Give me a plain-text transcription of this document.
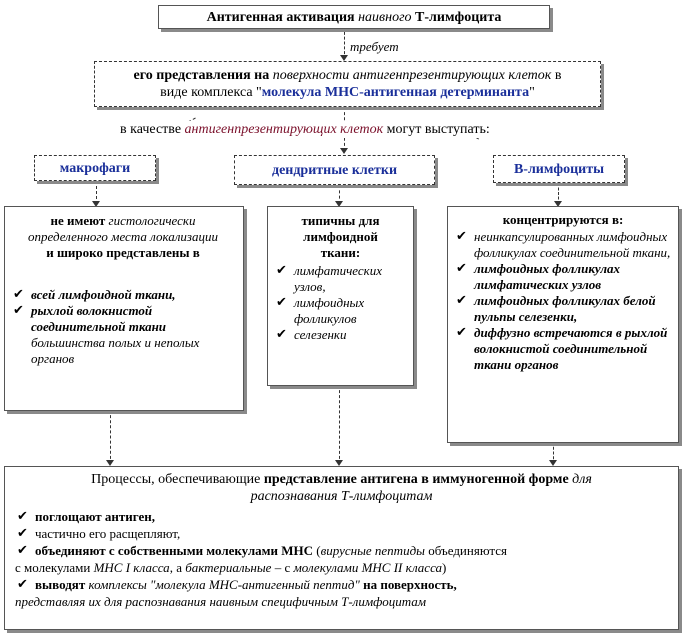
Антигенная активация наивного Т-лимфоцита
требует
его представления на поверхности антигенпрезентирующих клеток в
виде комплекса "молекула МНС-антигенная детерминанта"
в качестве антигенпрезентирующих клеток могут выступать:
макрофаги	дендритные клетки	В-лимфоциты
не имеют гистологически определенного места локализации и широко представлены в
✔ всей лимфоидной ткани,
✔ рыхлой волокнистой соединительной ткани большинства полых и неполых органов
типичны для лимфоидной ткани:
✔ лимфатических узлов,
✔ лимфоидных фолликулов
✔ селезенки
концентрируются в:
✔ неинкапсулированных лимфоидных фолликулах соединительной ткани,
✔ лимфоидных фолликулах лимфатических узлов
✔ лимфоидных фолликулах белой пульпы селезенки,
✔ диффузно встречаются в рыхлой волокнистой соединительной ткани органов
Процессы, обеспечивающие представление антигена в иммуногенной форме для
распознавания Т-лимфоцитам
✔ поглощают антиген,
✔ частично его расщепляют,
✔ объединяют с собственными молекулами МНС (вирусные пептиды объединяются
с молекулами МНС I класса, а бактериальные – с молекулами МНС II класса)
✔ выводят комплексы "молекула МНС-антигенный пептид" на поверхность,
представляя их для распознавания наивным специфичным Т-лимфоцитам
